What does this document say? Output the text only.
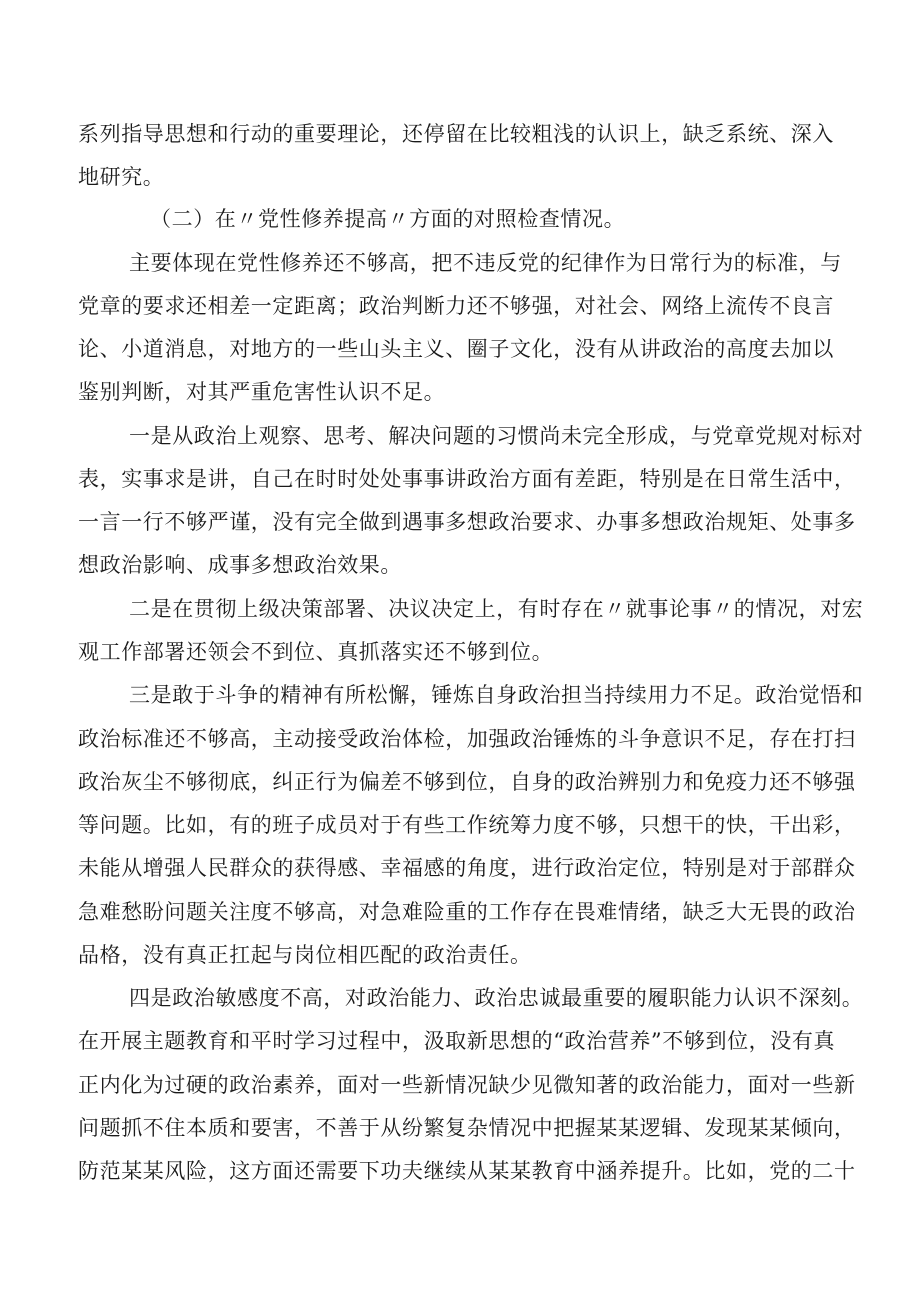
系列指导思想和行动的重要理论，还停留在比较粗浅的认识上，缺乏系统、深入

地研究。

（二）在〃党性修养提高〃方面的对照检查情况。

主要体现在党性修养还不够高，把不违反党的纪律作为日常行为的标准，与

党章的要求还相差一定距离；政治判断力还不够强，对社会、网络上流传不良言

论、小道消息，对地方的一些山头主义、圈子文化，没有从讲政治的高度去加以

鉴别判断，对其严重危害性认识不足。

一是从政治上观察、思考、解决问题的习惯尚未完全形成，与党章党规对标对

表，实事求是讲，自己在时时处处事事讲政治方面有差距，特别是在日常生活中，

一言一行不够严谨，没有完全做到遇事多想政治要求、办事多想政治规矩、处事多

想政治影响、成事多想政治效果。

二是在贯彻上级决策部署、决议决定上，有时存在〃就事论事〃的情况，对宏

观工作部署还领会不到位、真抓落实还不够到位。

三是敢于斗争的精神有所松懈，锤炼自身政治担当持续用力不足。政治觉悟和

政治标准还不够高，主动接受政治体检，加强政治锤炼的斗争意识不足，存在打扫

政治灰尘不够彻底，纠正行为偏差不够到位，自身的政治辨别力和免疫力还不够强

等问题。比如，有的班子成员对于有些工作统筹力度不够，只想干的快，干出彩，

未能从增强人民群众的获得感、幸福感的角度，进行政治定位，特别是对于部群众

急难愁盼问题关注度不够高，对急难险重的工作存在畏难情绪，缺乏大无畏的政治

品格，没有真正扛起与岗位相匹配的政治责任。

四是政治敏感度不高，对政治能力、政治忠诚最重要的履职能力认识不深刻。

在开展主题教育和平时学习过程中，汲取新思想的“政治营养”不够到位，没有真

正内化为过硬的政治素养，面对一些新情况缺少见微知著的政治能力，面对一些新

问题抓不住本质和要害，不善于从纷繁复杂情况中把握某某逻辑、发现某某倾向，

防范某某风险，这方面还需要下功夫继续从某某教育中涵养提升。比如，党的二十
